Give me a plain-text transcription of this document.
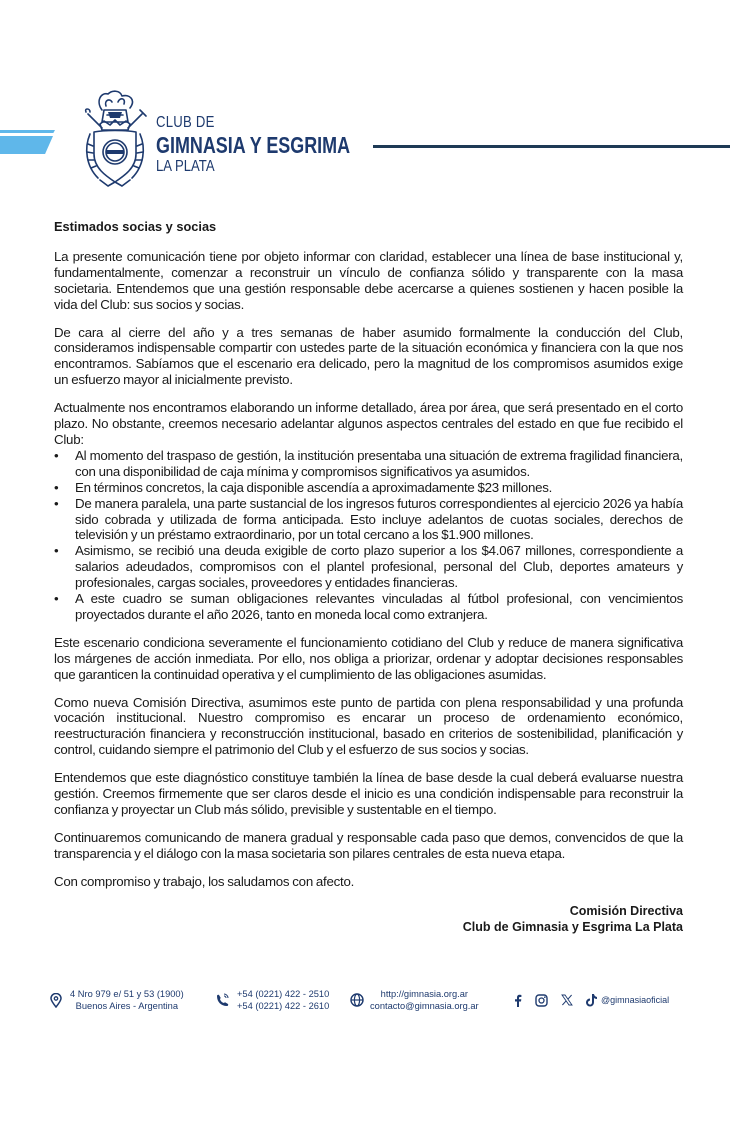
CLUB DE
GIMNASIA Y ESGRIMA
LA PLATA

Estimados socias y socias

La presente comunicación tiene por objeto informar con claridad, establecer una línea de base institucional y, fundamentalmente, comenzar a reconstruir un vínculo de confianza sólido y transparente con la masa societaria. Entendemos que una gestión responsable debe acercarse a quienes sostienen y hacen posible la vida del Club: sus socios y socias.

De cara al cierre del año y a tres semanas de haber asumido formalmente la conducción del Club, consideramos indispensable compartir con ustedes parte de la situación económica y financiera con la que nos encontramos. Sabíamos que el escenario era delicado, pero la magnitud de los compromisos asumidos exige un esfuerzo mayor al inicialmente previsto.

Actualmente nos encontramos elaborando un informe detallado, área por área, que será presentado en el corto plazo. No obstante, creemos necesario adelantar algunos aspectos centrales del estado en que fue recibido el Club:

• Al momento del traspaso de gestión, la institución presentaba una situación de extrema fragilidad financiera, con una disponibilidad de caja mínima y compromisos significativos ya asumidos.
• En términos concretos, la caja disponible ascendía a aproximadamente $23 millones.
• De manera paralela, una parte sustancial de los ingresos futuros correspondientes al ejercicio 2026 ya había sido cobrada y utilizada de forma anticipada. Esto incluye adelantos de cuotas sociales, derechos de televisión y un préstamo extraordinario, por un total cercano a los $1.900 millones.
• Asimismo, se recibió una deuda exigible de corto plazo superior a los $4.067 millones, correspondiente a salarios adeudados, compromisos con el plantel profesional, personal del Club, deportes amateurs y profesionales, cargas sociales, proveedores y entidades financieras.
• A este cuadro se suman obligaciones relevantes vinculadas al fútbol profesional, con vencimientos proyectados durante el año 2026, tanto en moneda local como extranjera.

Este escenario condiciona severamente el funcionamiento cotidiano del Club y reduce de manera significativa los márgenes de acción inmediata. Por ello, nos obliga a priorizar, ordenar y adoptar decisiones responsables que garanticen la continuidad operativa y el cumplimiento de las obligaciones asumidas.

Como nueva Comisión Directiva, asumimos este punto de partida con plena responsabilidad y una profunda vocación institucional. Nuestro compromiso es encarar un proceso de ordenamiento económico, reestructuración financiera y reconstrucción institucional, basado en criterios de sostenibilidad, planificación y control, cuidando siempre el patrimonio del Club y el esfuerzo de sus socios y socias.

Entendemos que este diagnóstico constituye también la línea de base desde la cual deberá evaluarse nuestra gestión. Creemos firmemente que ser claros desde el inicio es una condición indispensable para reconstruir la confianza y proyectar un Club más sólido, previsible y sustentable en el tiempo.

Continuaremos comunicando de manera gradual y responsable cada paso que demos, convencidos de que la transparencia y el diálogo con la masa societaria son pilares centrales de esta nueva etapa.

Con compromiso y trabajo, los saludamos con afecto.

Comisión Directiva
Club de Gimnasia y Esgrima La Plata
4 Nro 979 e/ 51 y 53 (1900)
Buenos Aires - Argentina
+54 (0221) 422 - 2510
+54 (0221) 422 - 2610
http://gimnasia.org.ar
contacto@gimnasia.org.ar
@gimnasiaoficial
